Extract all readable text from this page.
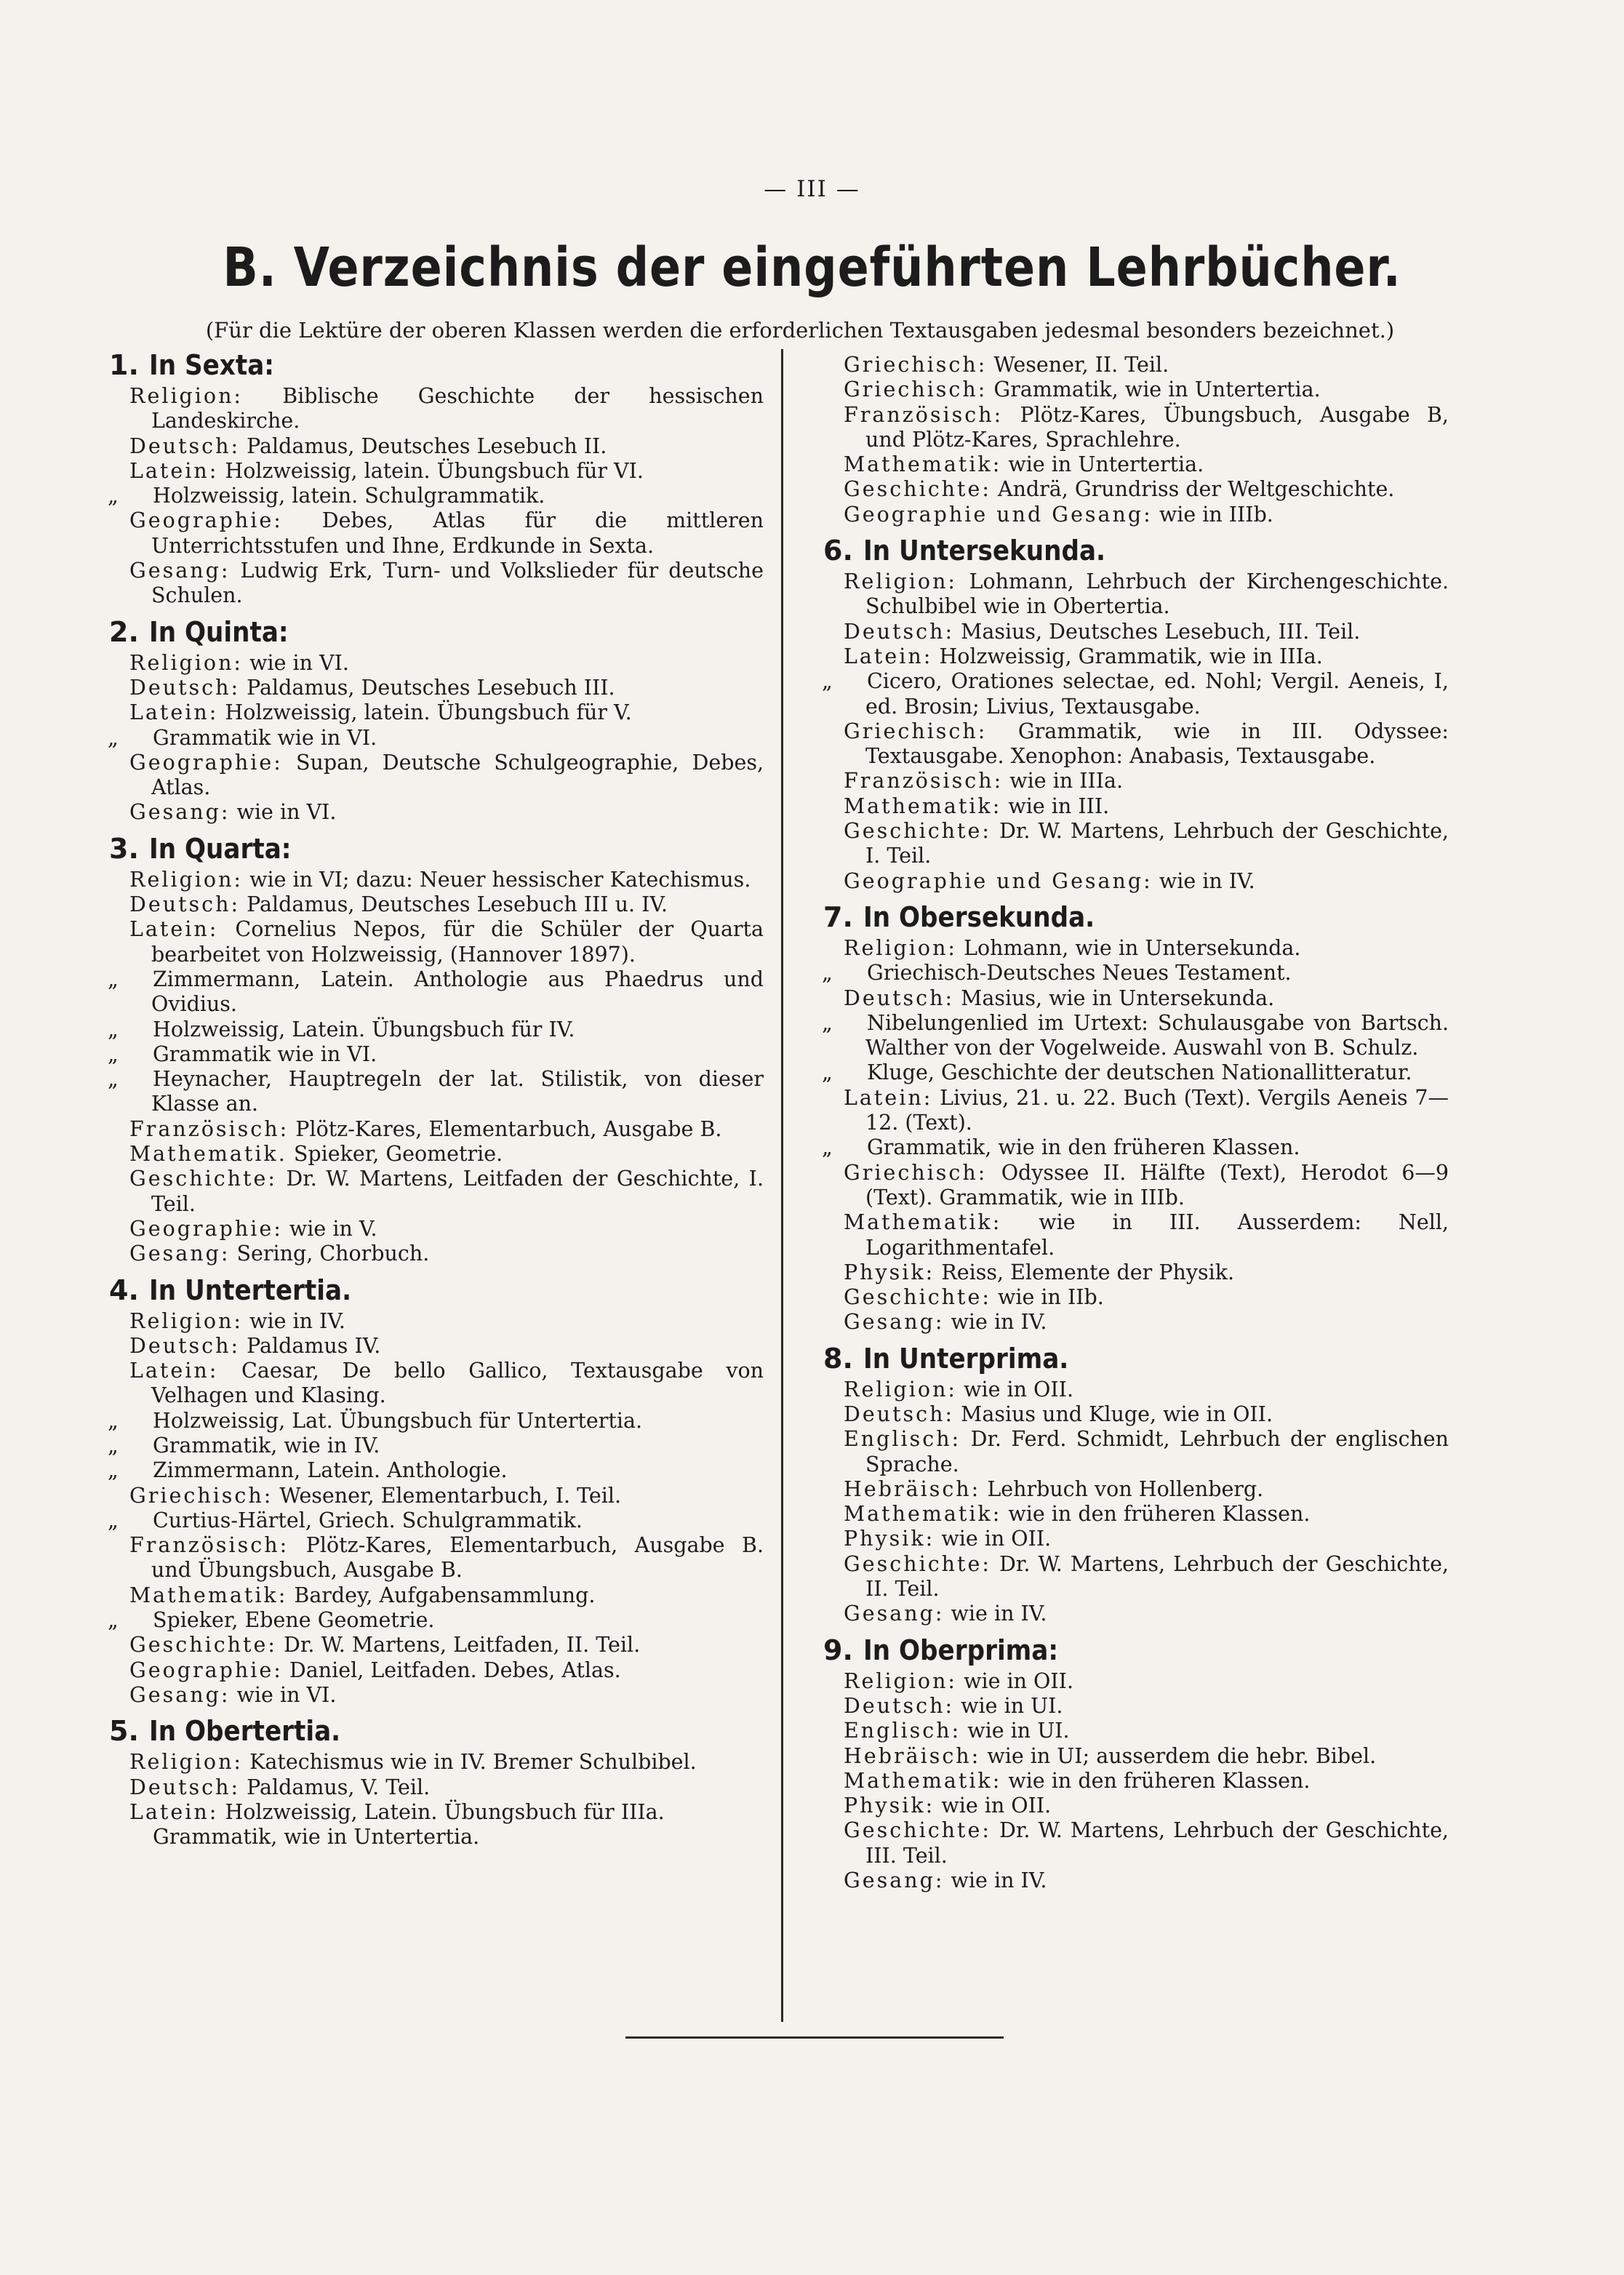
— III —
B. Verzeichnis der eingeführten Lehrbücher.
(Für die Lektüre der oberen Klassen werden die erforderlichen Textausgaben jedesmal besonders bezeichnet.)
1. In Sexta:
Religion: Biblische Geschichte der hessischen Landeskirche.
Deutsch: Paldamus, Deutsches Lesebuch II.
Latein: Holzweissig, latein. Übungsbuch für VI.
„ Holzweissig, latein. Schulgrammatik.
Geographie: Debes, Atlas für die mittleren Unterrichtsstufen und Ihne, Erdkunde in Sexta.
Gesang: Ludwig Erk, Turn- und Volkslieder für deutsche Schulen.
2. In Quinta:
Religion: wie in VI.
Deutsch: Paldamus, Deutsches Lesebuch III.
Latein: Holzweissig, latein. Übungsbuch für V.
„ Grammatik wie in VI.
Geographie: Supan, Deutsche Schulgeographie, Debes, Atlas.
Gesang: wie in VI.
3. In Quarta:
Religion: wie in VI; dazu: Neuer hessischer Katechismus.
Deutsch: Paldamus, Deutsches Lesebuch III u. IV.
Latein: Cornelius Nepos, für die Schüler der Quarta bearbeitet von Holzweissig, (Hannover 1897).
„ Zimmermann, Latein. Anthologie aus Phaedrus und Ovidius.
„ Holzweissig, Latein. Übungsbuch für IV.
„ Grammatik wie in VI.
„ Heynacher, Hauptregeln der lat. Stilistik, von dieser Klasse an.
Französisch: Plötz-Kares, Elementarbuch, Ausgabe B.
Mathematik. Spieker, Geometrie.
Geschichte: Dr. W. Martens, Leitfaden der Geschichte, I. Teil.
Geographie: wie in V.
Gesang: Sering, Chorbuch.
4. In Untertertia.
Religion: wie in IV.
Deutsch: Paldamus IV.
Latein: Caesar, De bello Gallico, Textausgabe von Velhagen und Klasing.
„ Holzweissig, Lat. Übungsbuch für Untertertia.
„ Grammatik, wie in IV.
„ Zimmermann, Latein. Anthologie.
Griechisch: Wesener, Elementarbuch, I. Teil.
„ Curtius-Härtel, Griech. Schulgrammatik.
Französisch: Plötz-Kares, Elementarbuch, Ausgabe B. und Übungsbuch, Ausgabe B.
Mathematik: Bardey, Aufgabensammlung.
„ Spieker, Ebene Geometrie.
Geschichte: Dr. W. Martens, Leitfaden, II. Teil.
Geographie: Daniel, Leitfaden. Debes, Atlas.
Gesang: wie in VI.
5. In Obertertia.
Religion: Katechismus wie in IV. Bremer Schulbibel.
Deutsch: Paldamus, V. Teil.
Latein: Holzweissig, Latein. Übungsbuch für IIIa.
Grammatik, wie in Untertertia.
Griechisch: Wesener, II. Teil.
Griechisch: Grammatik, wie in Untertertia.
Französisch: Plötz-Kares, Übungsbuch, Ausgabe B, und Plötz-Kares, Sprachlehre.
Mathematik: wie in Untertertia.
Geschichte: Andrä, Grundriss der Weltgeschichte.
Geographie und Gesang: wie in IIIb.
6. In Untersekunda.
Religion: Lohmann, Lehrbuch der Kirchengeschichte. Schulbibel wie in Obertertia.
Deutsch: Masius, Deutsches Lesebuch, III. Teil.
Latein: Holzweissig, Grammatik, wie in IIIa.
„ Cicero, Orationes selectae, ed. Nohl; Vergil. Aeneis, I, ed. Brosin; Livius, Textausgabe.
Griechisch: Grammatik, wie in III. Odyssee: Textausgabe. Xenophon: Anabasis, Textausgabe.
Französisch: wie in IIIa.
Mathematik: wie in III.
Geschichte: Dr. W. Martens, Lehrbuch der Geschichte, I. Teil.
Geographie und Gesang: wie in IV.
7. In Obersekunda.
Religion: Lohmann, wie in Untersekunda.
„ Griechisch-Deutsches Neues Testament.
Deutsch: Masius, wie in Untersekunda.
„ Nibelungenlied im Urtext: Schulausgabe von Bartsch. Walther von der Vogelweide. Auswahl von B. Schulz.
„ Kluge, Geschichte der deutschen Nationallitteratur.
Latein: Livius, 21. u. 22. Buch (Text). Vergils Aeneis 7—12. (Text).
„ Grammatik, wie in den früheren Klassen.
Griechisch: Odyssee II. Hälfte (Text), Herodot 6—9 (Text). Grammatik, wie in IIIb.
Mathematik: wie in III. Ausserdem: Nell, Logarithmentafel.
Physik: Reiss, Elemente der Physik.
Geschichte: wie in IIb.
Gesang: wie in IV.
8. In Unterprima.
Religion: wie in OII.
Deutsch: Masius und Kluge, wie in OII.
Englisch: Dr. Ferd. Schmidt, Lehrbuch der englischen Sprache.
Hebräisch: Lehrbuch von Hollenberg.
Mathematik: wie in den früheren Klassen.
Physik: wie in OII.
Geschichte: Dr. W. Martens, Lehrbuch der Geschichte, II. Teil.
Gesang: wie in IV.
9. In Oberprima:
Religion: wie in OII.
Deutsch: wie in UI.
Englisch: wie in UI.
Hebräisch: wie in UI; ausserdem die hebr. Bibel.
Mathematik: wie in den früheren Klassen.
Physik: wie in OII.
Geschichte: Dr. W. Martens, Lehrbuch der Geschichte, III. Teil.
Gesang: wie in IV.
